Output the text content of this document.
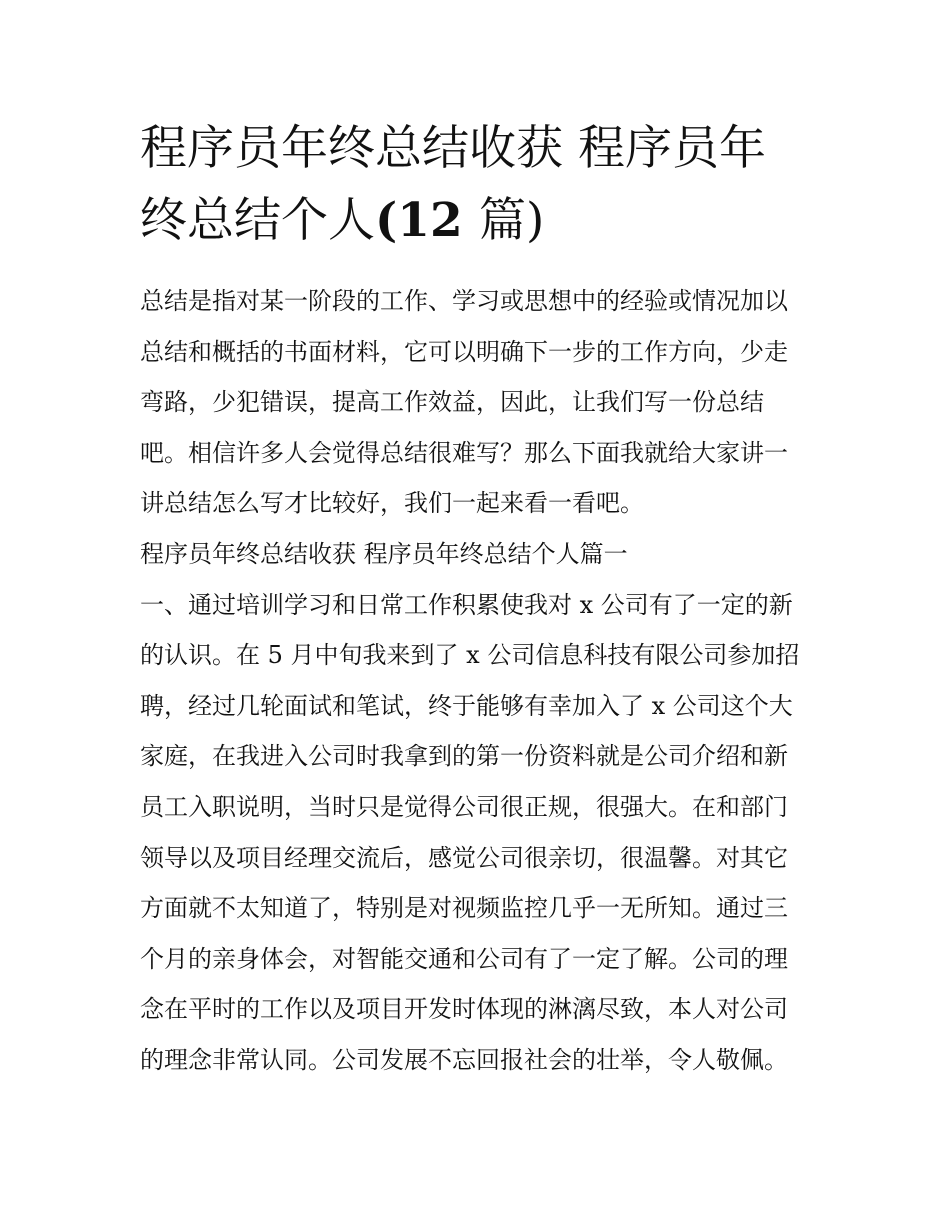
程序员年终总结收获 程序员年
终总结个人(12 篇)
总结是指对某一阶段的工作、学习或思想中的经验或情况加以
总结和概括的书面材料，它可以明确下一步的工作方向，少走
弯路，少犯错误，提高工作效益，因此，让我们写一份总结
吧。相信许多人会觉得总结很难写？那么下面我就给大家讲一
讲总结怎么写才比较好，我们一起来看一看吧。
程序员年终总结收获 程序员年终总结个人篇一
一、通过培训学习和日常工作积累使我对 x 公司有了一定的新
的认识。在 5 月中旬我来到了 x 公司信息科技有限公司参加招
聘，经过几轮面试和笔试，终于能够有幸加入了 x 公司这个大
家庭，在我进入公司时我拿到的第一份资料就是公司介绍和新
员工入职说明，当时只是觉得公司很正规，很强大。在和部门
领导以及项目经理交流后，感觉公司很亲切，很温馨。对其它
方面就不太知道了，特别是对视频监控几乎一无所知。通过三
个月的亲身体会，对智能交通和公司有了一定了解。公司的理
念在平时的工作以及项目开发时体现的淋漓尽致，本人对公司
的理念非常认同。公司发展不忘回报社会的壮举，令人敬佩。
